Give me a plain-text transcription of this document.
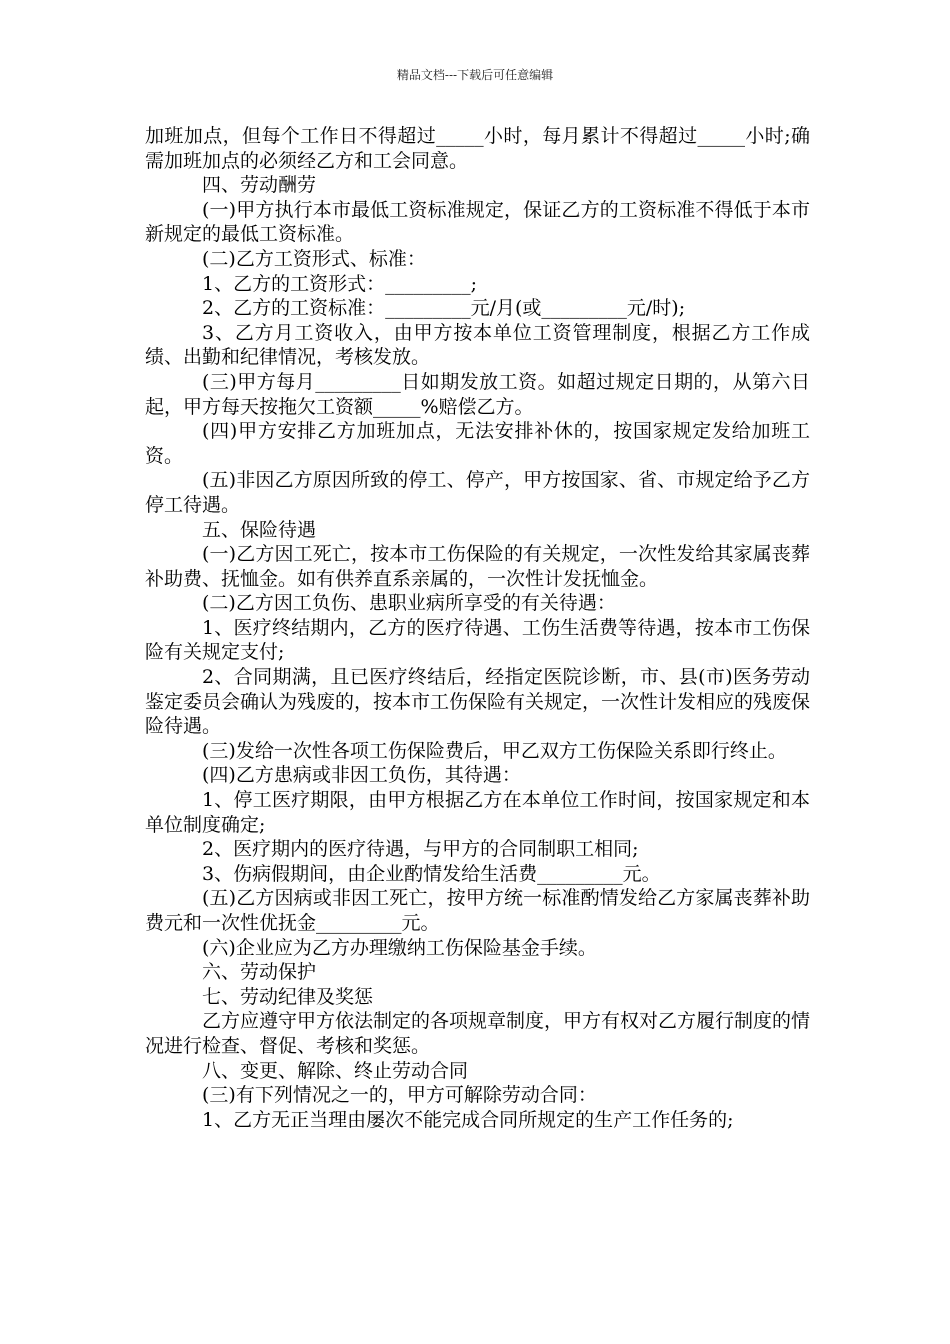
精品文档---下载后可任意编辑

加班加点，但每个工作日不得超过_____小时，每月累计不得超过_____小时;确需加班加点的必须经乙方和工会同意。

四、劳动酬劳

(一)甲方执行本市最低工资标准规定，保证乙方的工资标准不得低于本市新规定的最低工资标准。

(二)乙方工资形式、标准：

1、乙方的工资形式：_________;

2、乙方的工资标准：_________元/月(或_________元/时);

3、乙方月工资收入，由甲方按本单位工资管理制度，根据乙方工作成绩、出勤和纪律情况，考核发放。

(三)甲方每月_________日如期发放工资。如超过规定日期的，从第六日起，甲方每天按拖欠工资额_____%赔偿乙方。

(四)甲方安排乙方加班加点，无法安排补休的，按国家规定发给加班工资。

(五)非因乙方原因所致的停工、停产，甲方按国家、省、市规定给予乙方停工待遇。

五、保险待遇

(一)乙方因工死亡，按本市工伤保险的有关规定，一次性发给其家属丧葬补助费、抚恤金。如有供养直系亲属的，一次性计发抚恤金。

(二)乙方因工负伤、患职业病所享受的有关待遇：

1、医疗终结期内，乙方的医疗待遇、工伤生活费等待遇，按本市工伤保险有关规定支付;

2、合同期满，且已医疗终结后，经指定医院诊断，市、县(市)医务劳动鉴定委员会确认为残废的，按本市工伤保险有关规定，一次性计发相应的残废保险待遇。

(三)发给一次性各项工伤保险费后，甲乙双方工伤保险关系即行终止。

(四)乙方患病或非因工负伤，其待遇：

1、停工医疗期限，由甲方根据乙方在本单位工作时间，按国家规定和本单位制度确定;

2、医疗期内的医疗待遇，与甲方的合同制职工相同;

3、伤病假期间，由企业酌情发给生活费_________元。

(五)乙方因病或非因工死亡，按甲方统一标准酌情发给乙方家属丧葬补助费元和一次性优抚金_________元。

(六)企业应为乙方办理缴纳工伤保险基金手续。

六、劳动保护

七、劳动纪律及奖惩

乙方应遵守甲方依法制定的各项规章制度，甲方有权对乙方履行制度的情况进行检查、督促、考核和奖惩。

八、变更、解除、终止劳动合同

(三)有下列情况之一的，甲方可解除劳动合同：

1、乙方无正当理由屡次不能完成合同所规定的生产工作任务的;
